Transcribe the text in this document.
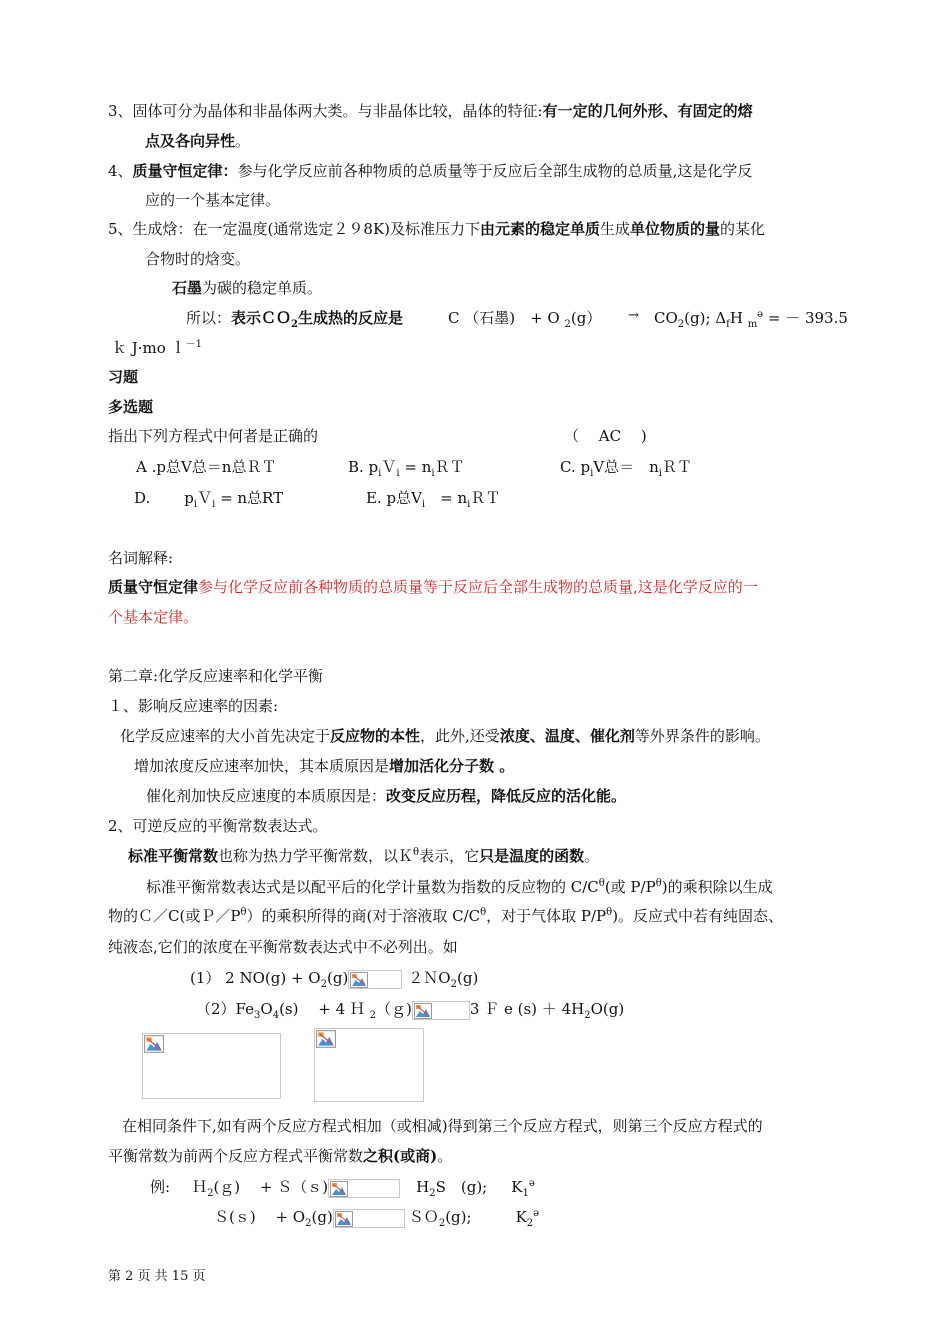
3、固体可分为晶体和非晶体两大类。与非晶体比较，晶体的特征:有一定的几何外形、有固定的熔
点及各向异性。
4、质量守恒定律：参与化学反应前各种物质的总质量等于反应后全部生成物的总质量,这是化学反
应的一个基本定律。
5、生成焓：在一定温度(通常选定２９8K)及标准压力下由元素的稳定单质生成单位物质的量的某化
合物时的焓变。
石墨为碳的稳定单质。
所以：表示ＣＯ$_2$生成热的反应是	C （石墨)　+ O $_2(g) \to CO_2(g)$; $\Delta_fH$ $_m^ə$ = － 393.5
ｋ J·mo ｌ$^{-1}$
习题
多选题
指出下列方程式中何者是正确的	（　 AC　 )
A .p总V总＝n总ＲＴ	B. $p_iV_i$ = $n_iRT$	C. $p_iV$总＝　$n_iRT$
D. $p_iV_i = n$总RT	E. p总$V_i$　= $n_iRT$
名词解释:
质量守恒定律参与化学反应前各种物质的总质量等于反应后全部生成物的总质量,这是化学反应的一
个基本定律。
第二章:化学反应速率和化学平衡
１、影响反应速率的因素:
化学反应速率的大小首先决定于反应物的本性，此外,还受浓度、温度、催化剂等外界条件的影响。
增加浓度反应速率加快，其本质原因是增加活化分子数 。
催化剂加快反应速度的本质原因是：改变反应历程，降低反应的活化能。
2、可逆反应的平衡常数表达式。
标准平衡常数也称为热力学平衡常数，以Ｋ$^\theta$表示，它只是温度的函数。
标准平衡常数表达式是以配平后的化学计量数为指数的反应物的 $C/C^\theta$(或 $P/P^\theta$)的乘积除以生成
物的Ｃ／C(或$P/P^\theta$）的乘积所得的商(对于溶液取 $C/C^\theta$，对于气体取 $P/P^\theta$)。反应式中若有纯固态、
纯液态,它们的浓度在平衡常数表达式中不必列出。如
(1） 2 $NO(g) + O_2(g)$	２ＮO$_2$(g)
$(2)Fe_3O_4(s)$　 + 4 Ｈ $_2$（ｇ)	3 Ｆ e $(s) + 4H_2O(g)$
在相同条件下,如有两个反应方程式相加（或相减)得到第三个反应方程式，则第三个反应方程式的
平衡常数为前两个反应方程式平衡常数之积(或商)。
例: Ｈ$_2$(ｇ)　 + Ｓ（ｓ)	$H_2S$　(g); $K_1^ə$
Ｓ(ｓ)　 + $O_2(g)$	ＳＯ$_2$(g);	$K_2^ə$
第 2 页 共 15 页
